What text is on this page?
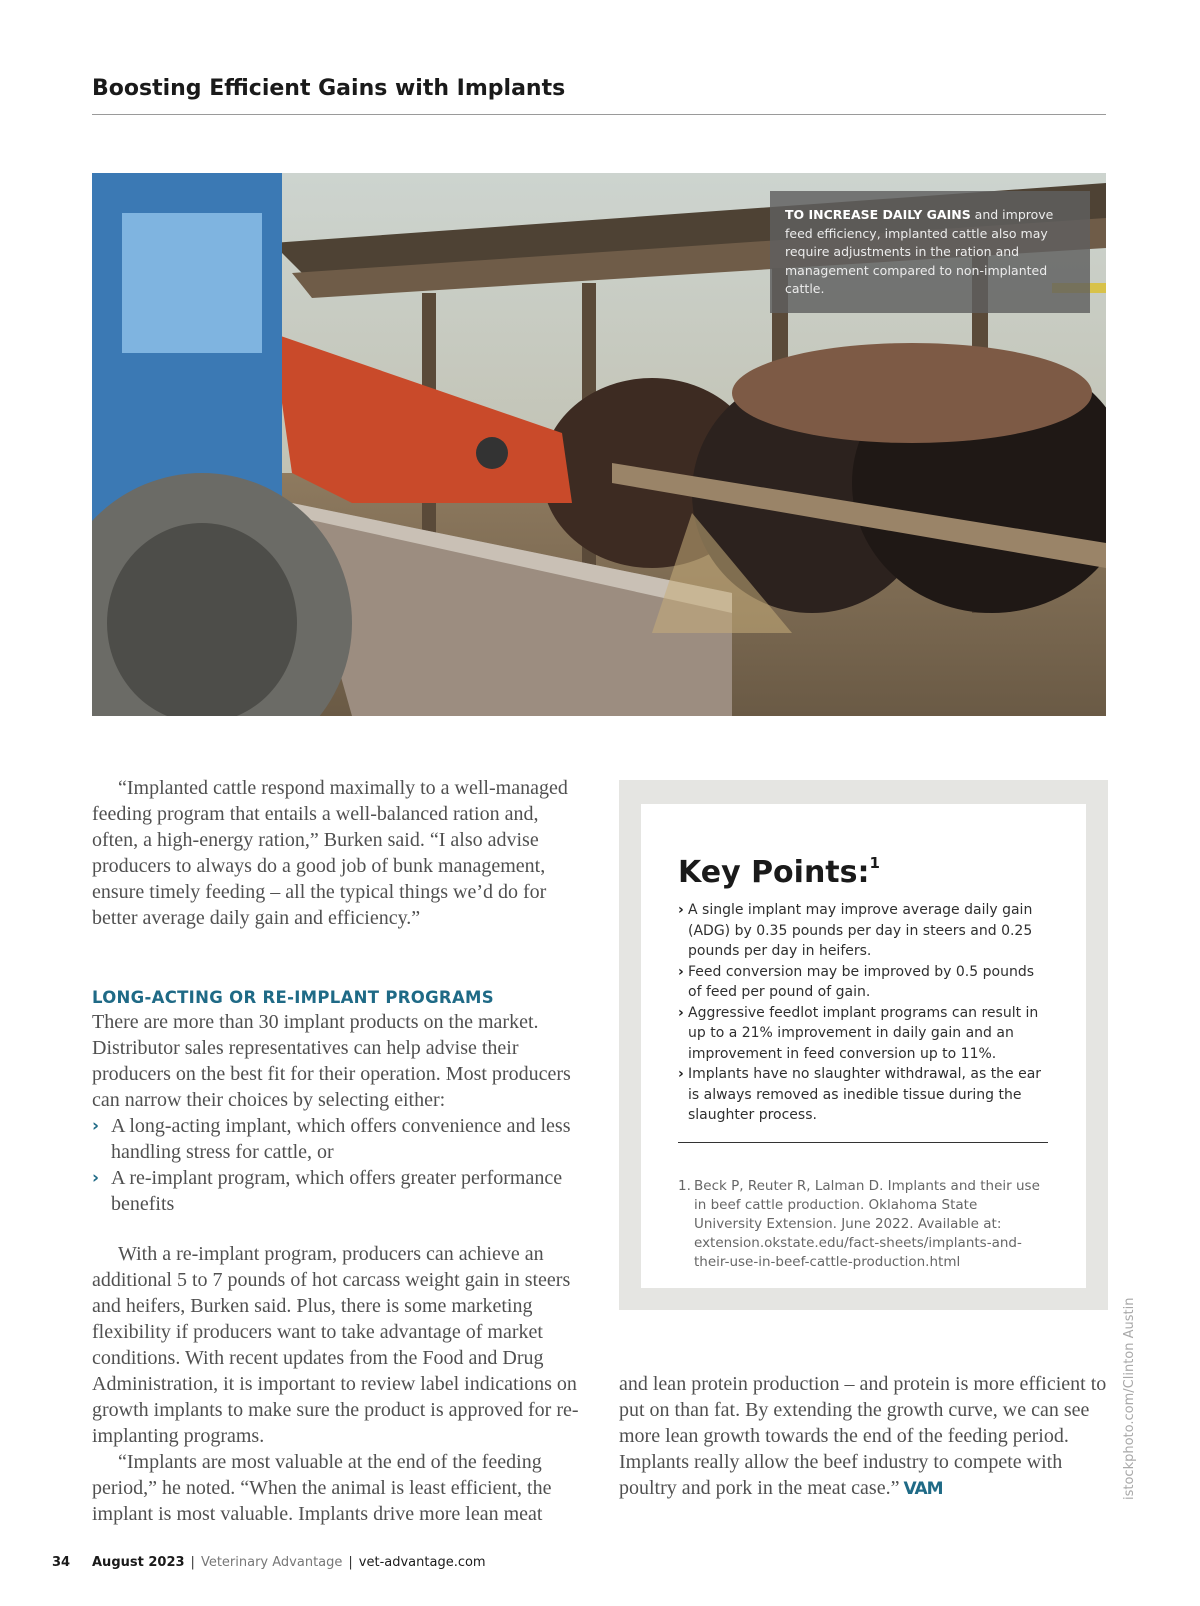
Boosting Efficient Gains with Implants
TO INCREASE DAILY GAINS and improve feed efficiency, implanted cattle also may require adjustments in the ration and management compared to non-implanted cattle.

“Implanted cattle respond maximally to a well-managed feeding program that entails a well-balanced ration and, often, a high-energy ration,” Burken said. “I also advise producers to always do a good job of bunk management, ensure timely feeding – all the typical things we’d do for better average daily gain and efficiency.”

LONG-ACTING OR RE-IMPLANT PROGRAMS

There are more than 30 implant products on the market. Distributor sales representatives can help advise their producers on the best fit for their operation. Most producers can narrow their choices by selecting either:

› A long-acting implant, which offers convenience and less handling stress for cattle, or
› A re-implant program, which offers greater performance benefits

With a re-implant program, producers can achieve an additional 5 to 7 pounds of hot carcass weight gain in steers and heifers, Burken said. Plus, there is some marketing flexibility if producers want to take advantage of market conditions. With recent updates from the Food and Drug Administration, it is important to review label indications on growth implants to make sure the product is approved for re-implanting programs.

“Implants are most valuable at the end of the feeding period,” he noted. “When the animal is least efficient, the implant is most valuable. Implants drive more lean meat

Key Points:$^1$
› A single implant may improve average daily gain (ADG) by 0.35 pounds per day in steers and 0.25 pounds per day in heifers.
› Feed conversion may be improved by 0.5 pounds of feed per pound of gain.
› Aggressive feedlot implant programs can result in up to a 21% improvement in daily gain and an improvement in feed conversion up to 11%.
› Implants have no slaughter withdrawal, as the ear is always removed as inedible tissue during the slaughter process.
1. Beck P, Reuter R, Lalman D. Implants and their use in beef cattle production. Oklahoma State University Extension. June 2022. Available at: extension.okstate.edu/fact-sheets/implants-and-their-use-in-beef-cattle-production.html

and lean protein production – and protein is more efficient to put on than fat. By extending the growth curve, we can see more lean growth towards the end of the feeding period. Implants really allow the beef industry to compete with poultry and pork in the meat case.” VAM	istockphoto.com/Clinton Austin
34 August 2023 | Veterinary Advantage | vet-advantage.com
